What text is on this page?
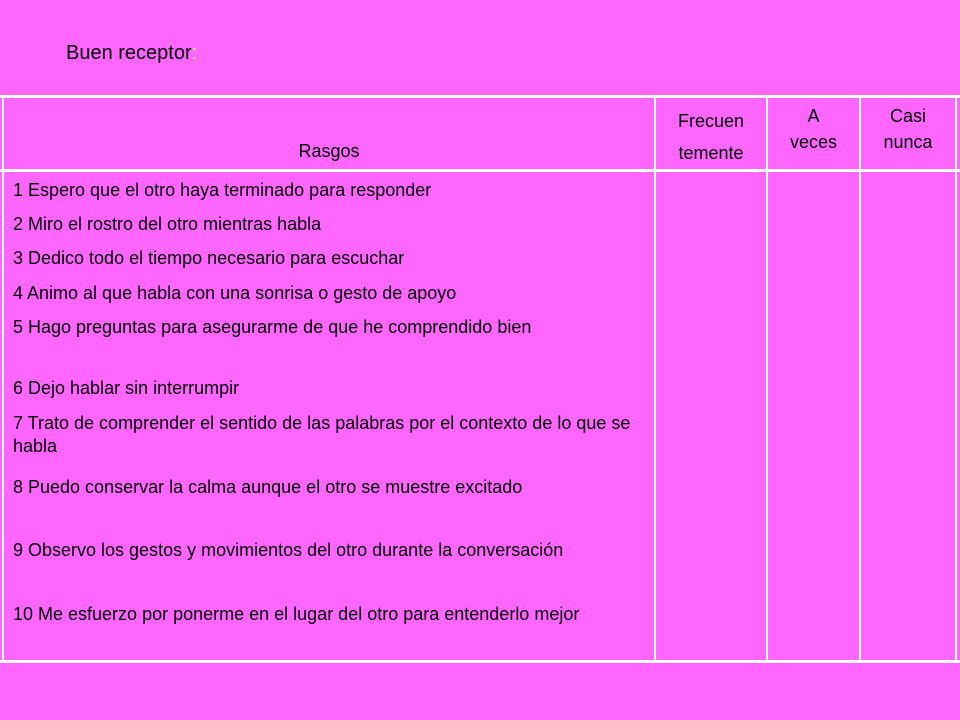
Buen receptor:
Rasgos
Frecuen
temente
A
veces
Casi
nunca
1 Espero que el otro haya terminado para responder
2 Miro el rostro del otro mientras habla
3 Dedico todo el tiempo necesario para escuchar
4 Animo al que habla con una sonrisa o gesto de apoyo
5 Hago preguntas para asegurarme de que he comprendido bien
6 Dejo hablar sin interrumpir
7 Trato de comprender el sentido de las palabras por el contexto de lo que se habla
8 Puedo conservar la calma aunque el otro se muestre excitado
9 Observo los gestos y movimientos del otro durante la conversación
10 Me esfuerzo por ponerme en el lugar del otro para entenderlo mejor
